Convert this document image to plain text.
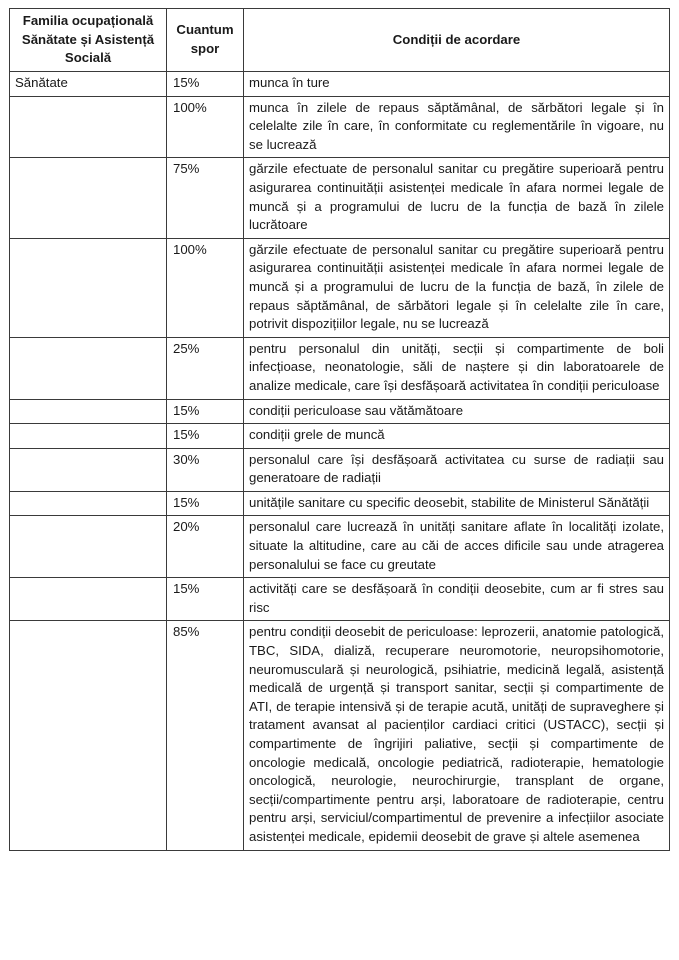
Familia ocupațională Sănătate și Asistență Socială	Cuantum spor	Condiții de acordare
Sănătate	15%	munca în ture
	100%	munca în zilele de repaus săptămânal, de sărbători legale și în celelalte zile în care, în conformitate cu reglementările în vigoare, nu se lucrează
	75%	gărzile efectuate de personalul sanitar cu pregătire superioară pentru asigurarea continuității asistenței medicale în afara normei legale de muncă și a programului de lucru de la funcția de bază în zilele lucrătoare
	100%	gărzile efectuate de personalul sanitar cu pregătire superioară pentru asigurarea continuității asistenței medicale în afara normei legale de muncă și a programului de lucru de la funcția de bază, în zilele de repaus săptămânal, de sărbători legale și în celelalte zile în care, potrivit dispozițiilor legale, nu se lucrează
	25%	pentru personalul din unități, secții și compartimente de boli infecțioase, neonatologie, săli de naștere și din laboratoarele de analize medicale, care își desfășoară activitatea în condiții periculoase
	15%	condiții periculoase sau vătămătoare
	15%	condiții grele de muncă
	30%	personalul care își desfășoară activitatea cu surse de radiații sau generatoare de radiații
	15%	unitățile sanitare cu specific deosebit, stabilite de Ministerul Sănătății
	20%	personalul care lucrează în unități sanitare aflate în localități izolate, situate la altitudine, care au căi de acces dificile sau unde atragerea personalului se face cu greutate
	15%	activități care se desfășoară în condiții deosebite, cum ar fi stres sau risc
	85%	pentru condiții deosebit de periculoase: leprozerii, anatomie patologică, TBC, SIDA, dializă, recuperare neuromotorie, neuropsihomotorie, neuromusculară și neurologică, psihiatrie, medicină legală, asistență medicală de urgență și transport sanitar, secții și compartimente de ATI, de terapie intensivă și de terapie acută, unități de supraveghere și tratament avansat al pacienților cardiaci critici (USTACC), secții și compartimente de îngrijiri paliative, secții și compartimente de oncologie medicală, oncologie pediatrică, radioterapie, hematologie oncologică, neurologie, neurochirurgie, transplant de organe, secții/compartimente pentru arși, laboratoare de radioterapie, centru pentru arși, serviciul/compartimentul de prevenire a infecțiilor asociate asistenței medicale, epidemii deosebit de grave și altele asemenea
